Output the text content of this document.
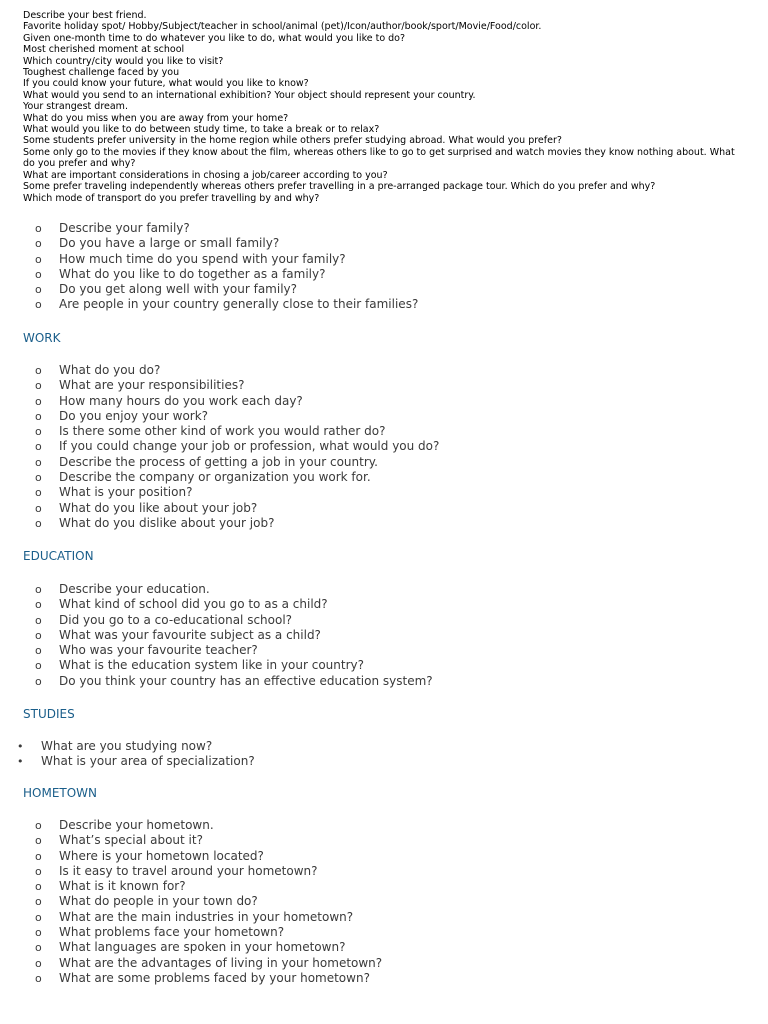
Describe your best friend.

Favorite holiday spot/ Hobby/Subject/teacher in school/animal (pet)/Icon/author/book/sport/Movie/Food/color.

Given one-month time to do whatever you like to do, what would you like to do?

Most cherished moment at school

Which country/city would you like to visit?

Toughest challenge faced by you

If you could know your future, what would you like to know?

What would you send to an international exhibition? Your object should represent your country.

Your strangest dream.

What do you miss when you are away from your home?

What would you like to do between study time, to take a break or to relax?

Some students prefer university in the home region while others prefer studying abroad. What would you prefer?

Some only go to the movies if they know about the film, whereas others like to go to get surprised and watch movies they know nothing about. What do you prefer and why?

What are important considerations in chosing a job/career according to you?

Some prefer traveling independently whereas others prefer travelling in a pre-arranged package tour. Which do you prefer and why?

Which mode of transport do you prefer travelling by and why?

o	Describe your family?
o	Do you have a large or small family?
o	How much time do you spend with your family?
o	What do you like to do together as a family?
o	Do you get along well with your family?
o	Are people in your country generally close to their families?
WORK
o	What do you do?
o	What are your responsibilities?
o	How many hours do you work each day?
o	Do you enjoy your work?
o	Is there some other kind of work you would rather do?
o	If you could change your job or profession, what would you do?
o	Describe the process of getting a job in your country.
o	Describe the company or organization you work for.
o	What is your position?
o	What do you like about your job?
o	What do you dislike about your job?
EDUCATION
o	Describe your education.
o	What kind of school did you go to as a child?
o	Did you go to a co-educational school?
o	What was your favourite subject as a child?
o	Who was your favourite teacher?
o	What is the education system like in your country?
o	Do you think your country has an effective education system?
STUDIES
•	What are you studying now?
•	What is your area of specialization?
HOMETOWN
o	Describe your hometown.
o	What’s special about it?
o	Where is your hometown located?
o	Is it easy to travel around your hometown?
o	What is it known for?
o	What do people in your town do?
o	What are the main industries in your hometown?
o	What problems face your hometown?
o	What languages are spoken in your hometown?
o	What are the advantages of living in your hometown?
o	What are some problems faced by your hometown?
